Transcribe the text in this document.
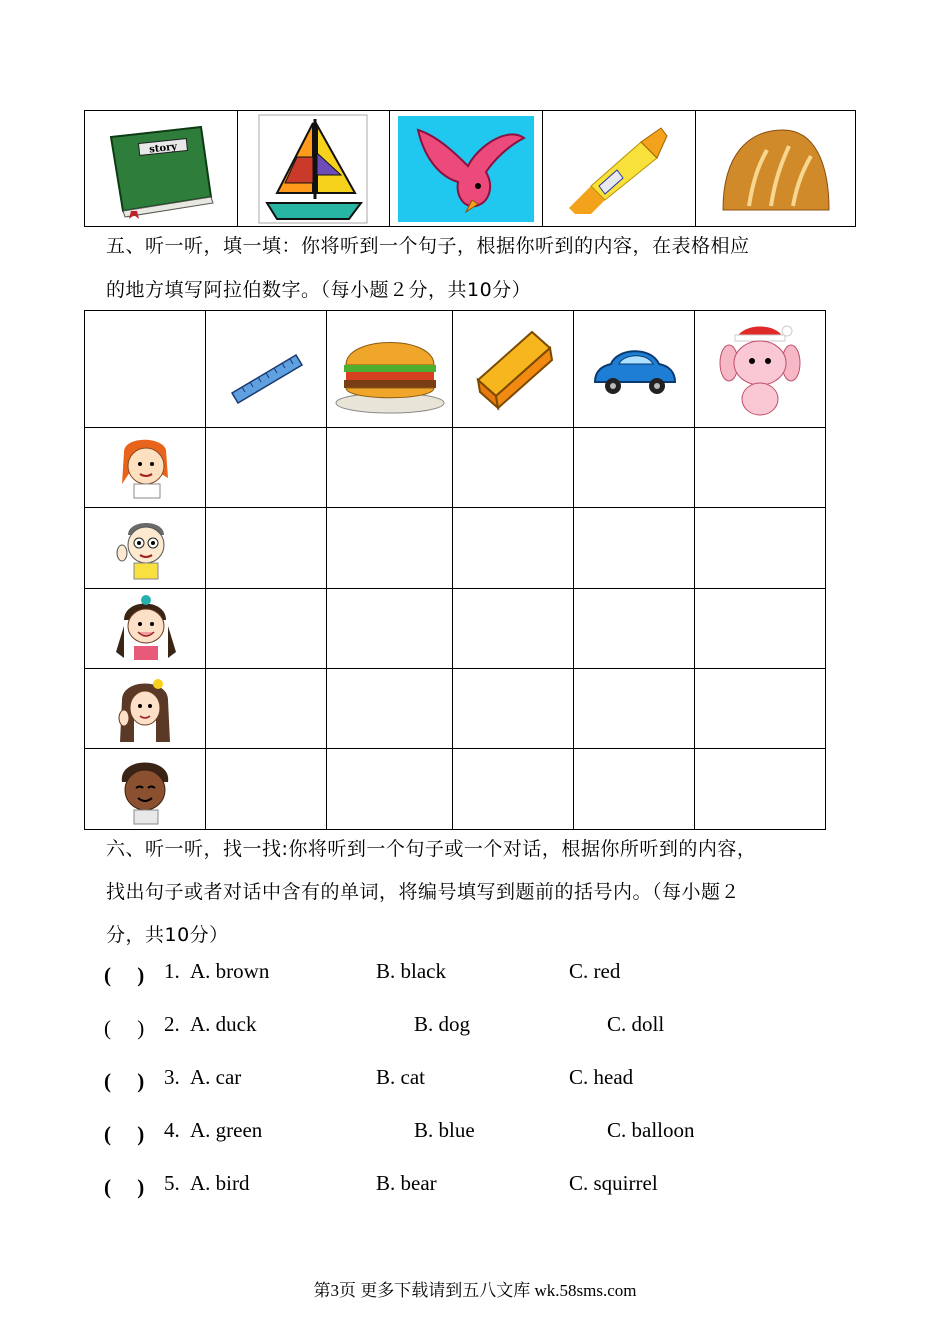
story

五、听一听，填一填：你将听到一个句子，根据你听到的内容，在表格相应
的地方填写阿拉伯数字。（每小题２分，共10分）

六、听一听，找一找:你将听到一个句子或一个对话，根据你所听到的内容，
找出句子或者对话中含有的单词，将编号填写到题前的括号内。（每小题２
分，共10分）
(　 ) 1. A. brown	B. black	C. red
(　 ) 2. A. duck	B. dog	C. doll
(　 ) 3. A. car	B. cat	C. head
(　 ) 4. A. green	B. blue	C. balloon
(　 ) 5. A. bird	B. bear	C. squirrel
第3页 更多下载请到五八文库 wk.58sms.com
